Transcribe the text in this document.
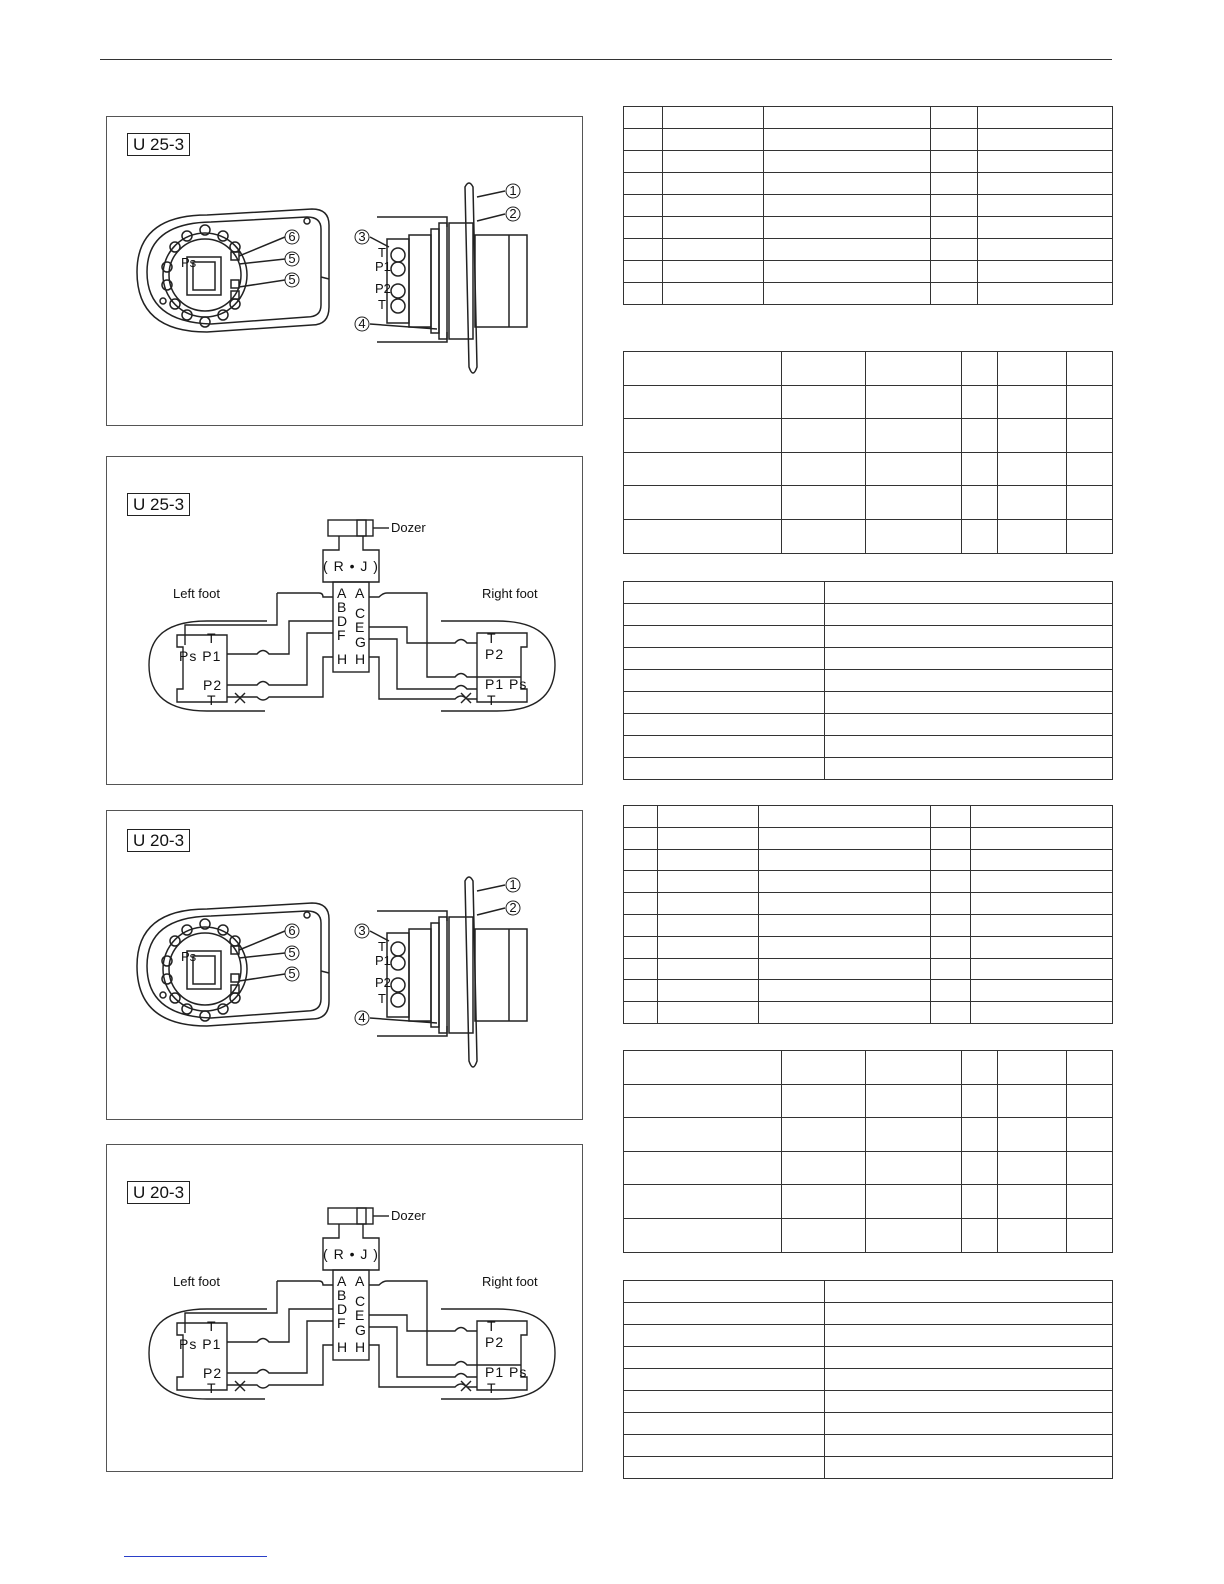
U 25-3
1
2
3
4
5
5
6
T
P1
P2
T
Ps
U 25-3
Dozer
( R • J )
Left foot	Right foot
A
B
D
F
H
A
C
E
G
H
T
Ps P1
P2
T
T
P2
P1 Ps
T
U 20-3
1
2
3
4
5
5
6
T
P1
P2
T
Ps
U 20-3
Dozer
( R • J )
Left foot	Right foot
A
B
D
F
H
A
C
E
G
H
T
Ps P1
P2
T
T
P2
P1 Ps
T
